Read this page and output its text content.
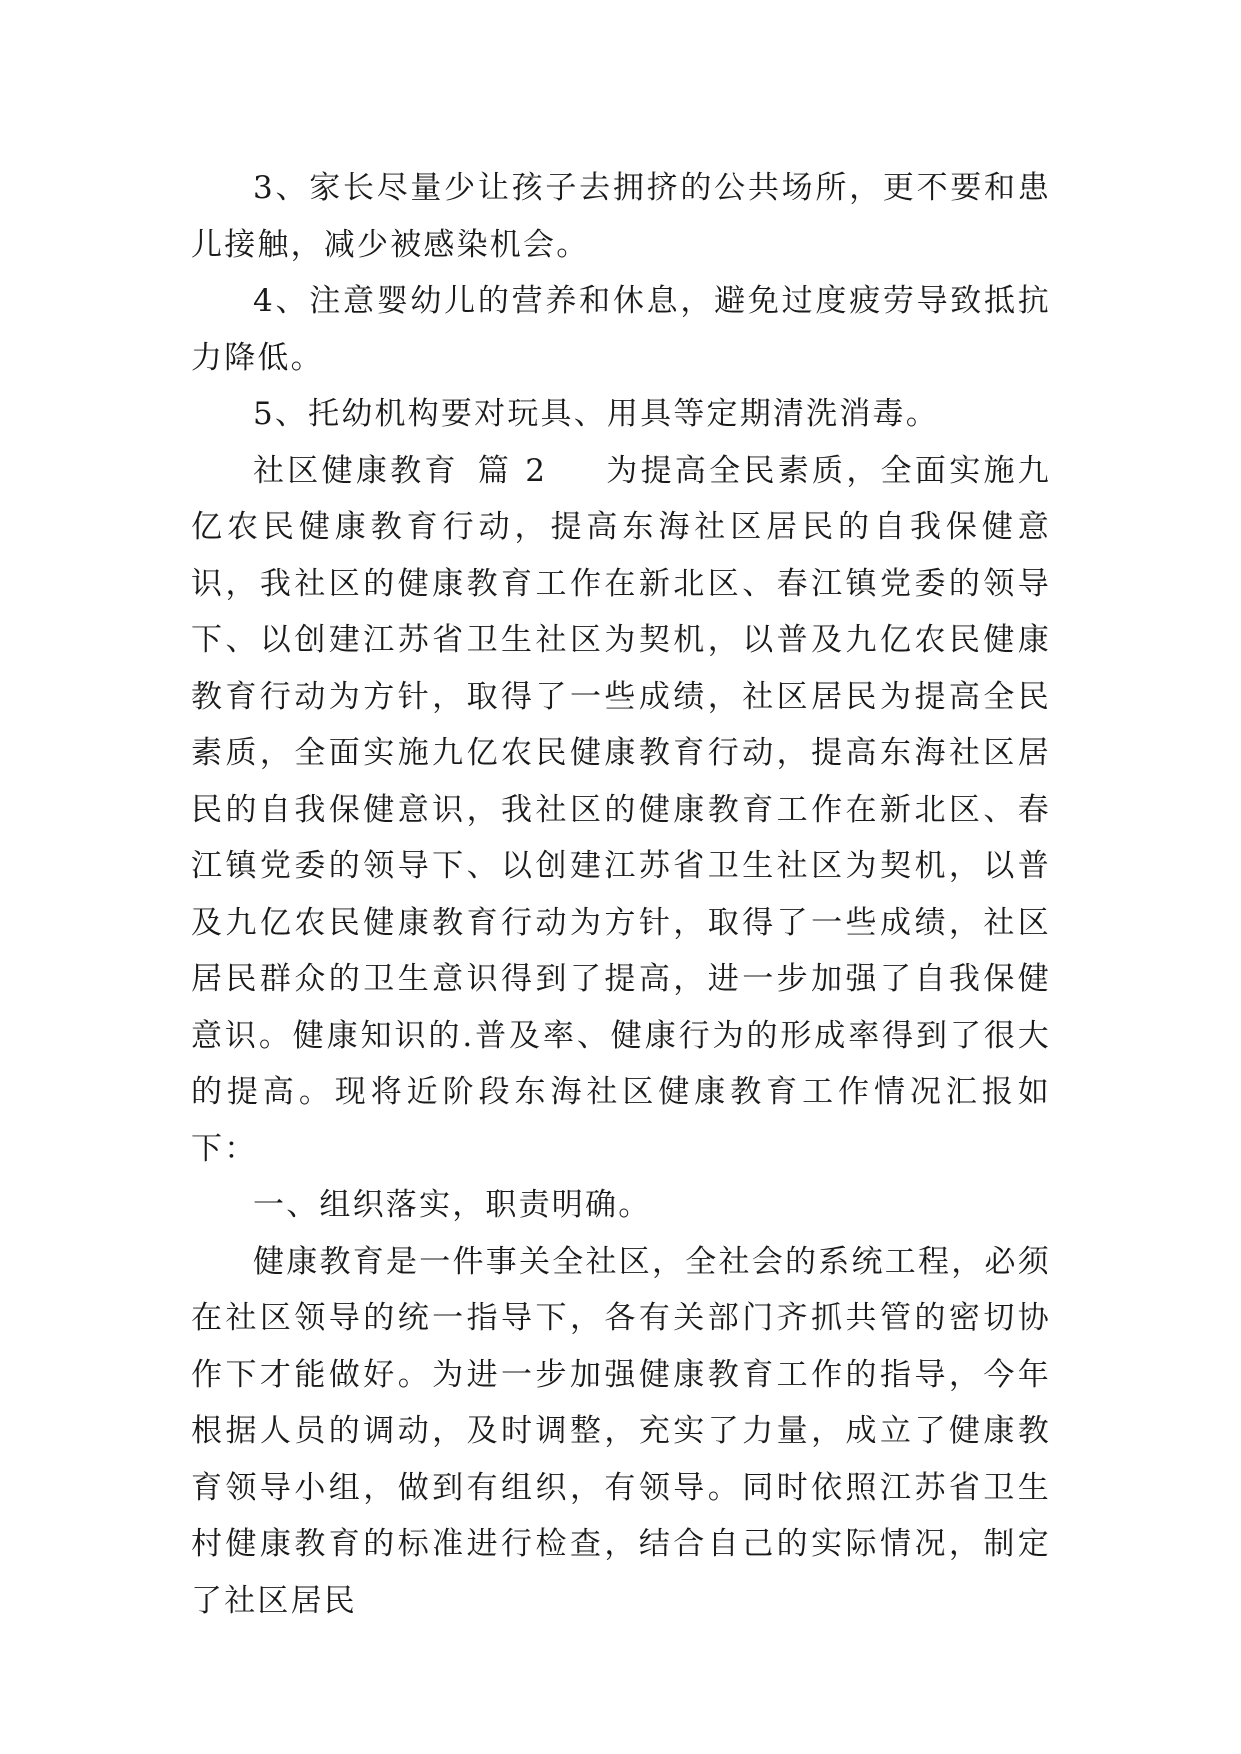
3、家长尽量少让孩子去拥挤的公共场所，更不要和患儿接触，减少被感染机会。

4、注意婴幼儿的营养和休息，避免过度疲劳导致抵抗力降低。

5、托幼机构要对玩具、用具等定期清洗消毒。

社区健康教育 篇 2 为提高全民素质，全面实施九亿农民健康教育行动，提高东海社区居民的自我保健意识，我社区的健康教育工作在新北区、春江镇党委的领导下、以创建江苏省卫生社区为契机，以普及九亿农民健康教育行动为方针，取得了一些成绩，社区居民为提高全民素质，全面实施九亿农民健康教育行动，提高东海社区居民的自我保健意识，我社区的健康教育工作在新北区、春江镇党委的领导下、以创建江苏省卫生社区为契机，以普及九亿农民健康教育行动为方针，取得了一些成绩，社区居民群众的卫生意识得到了提高，进一步加强了自我保健意识。健康知识的.普及率、健康行为的形成率得到了很大的提高。现将近阶段东海社区健康教育工作情况汇报如下：

一、组织落实，职责明确。

健康教育是一件事关全社区，全社会的系统工程，必须在社区领导的统一指导下，各有关部门齐抓共管的密切协作下才能做好。为进一步加强健康教育工作的指导，今年根据人员的调动，及时调整，充实了力量，成立了健康教育领导小组，做到有组织，有领导。同时依照江苏省卫生村健康教育的标准进行检查，结合自己的实际情况，制定了社区居民
